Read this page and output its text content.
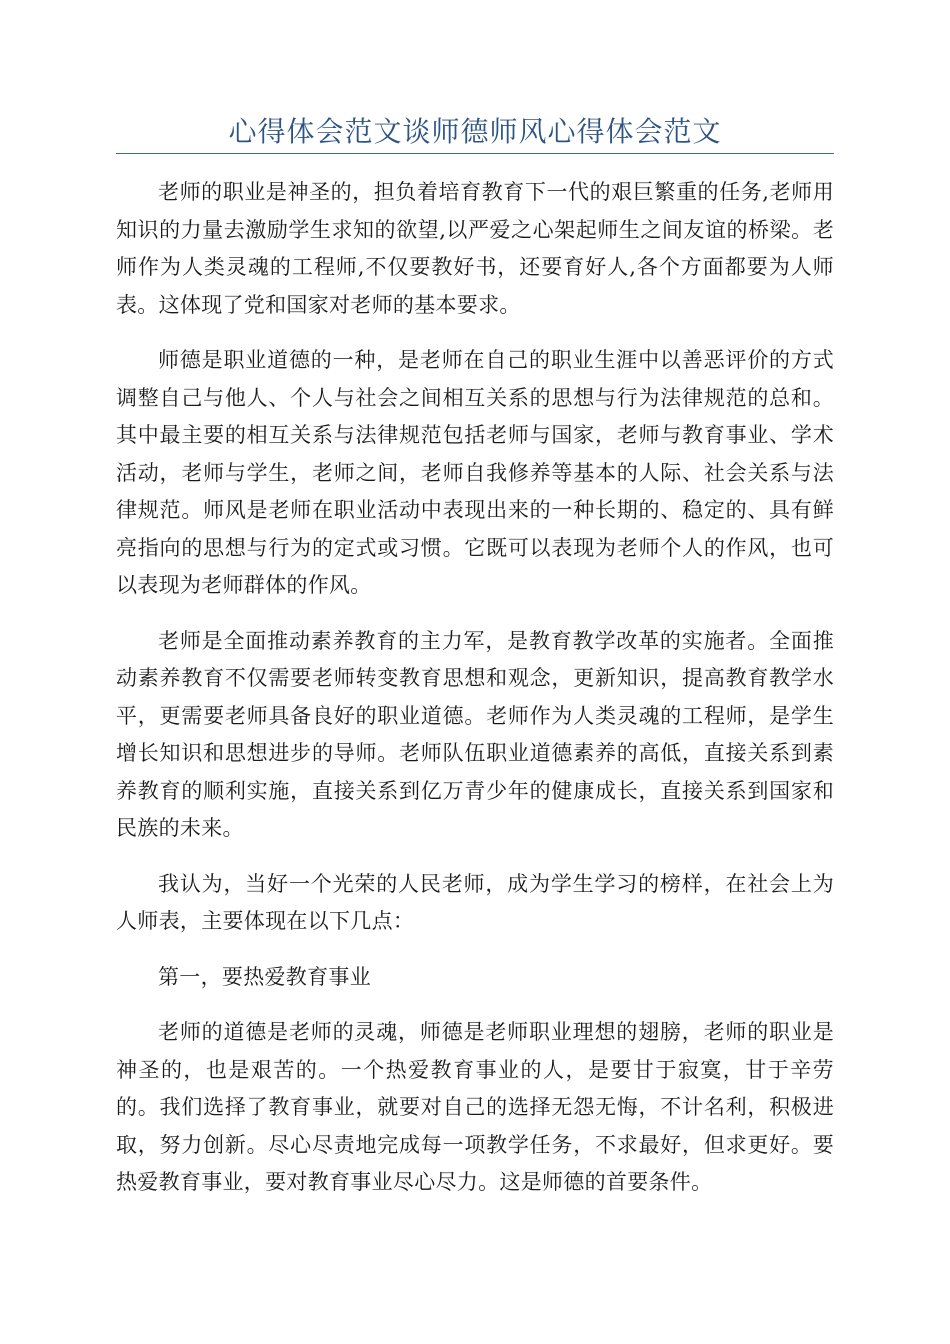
心得体会范文谈师德师风心得体会范文

老师的职业是神圣的，担负着培育教育下一代的艰巨繁重的任务,老师用知识的力量去激励学生求知的欲望,以严爱之心架起师生之间友谊的桥梁。老师作为人类灵魂的工程师,不仅要教好书，还要育好人,各个方面都要为人师表。这体现了党和国家对老师的基本要求。

师德是职业道德的一种，是老师在自己的职业生涯中以善恶评价的方式调整自己与他人、个人与社会之间相互关系的思想与行为法律规范的总和。其中最主要的相互关系与法律规范包括老师与国家，老师与教育事业、学术活动，老师与学生，老师之间，老师自我修养等基本的人际、社会关系与法律规范。师风是老师在职业活动中表现出来的一种长期的、稳定的、具有鲜亮指向的思想与行为的定式或习惯。它既可以表现为老师个人的作风，也可以表现为老师群体的作风。

老师是全面推动素养教育的主力军，是教育教学改革的实施者。全面推动素养教育不仅需要老师转变教育思想和观念，更新知识，提高教育教学水平，更需要老师具备良好的职业道德。老师作为人类灵魂的工程师，是学生增长知识和思想进步的导师。老师队伍职业道德素养的高低，直接关系到素养教育的顺利实施，直接关系到亿万青少年的健康成长，直接关系到国家和民族的未来。

我认为，当好一个光荣的人民老师，成为学生学习的榜样，在社会上为人师表，主要体现在以下几点：

第一，要热爱教育事业

老师的道德是老师的灵魂，师德是老师职业理想的翅膀，老师的职业是神圣的，也是艰苦的。一个热爱教育事业的人，是要甘于寂寞，甘于辛劳的。我们选择了教育事业，就要对自己的选择无怨无悔，不计名利，积极进取，努力创新。尽心尽责地完成每一项教学任务，不求最好，但求更好。要热爱教育事业，要对教育事业尽心尽力。这是师德的首要条件。
